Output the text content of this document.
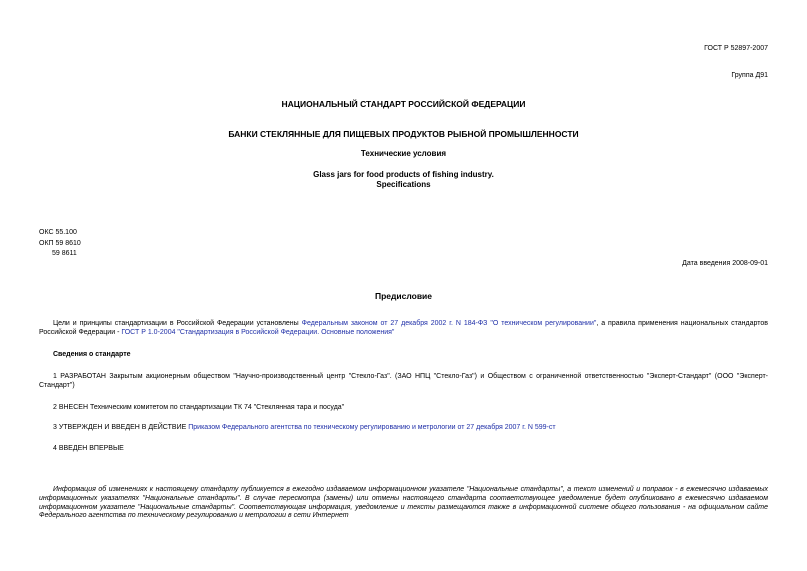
ГОСТ Р 52897-2007
Группа Д91
НАЦИОНАЛЬНЫЙ СТАНДАРТ РОССИЙСКОЙ ФЕДЕРАЦИИ
БАНКИ СТЕКЛЯННЫЕ ДЛЯ ПИЩЕВЫХ ПРОДУКТОВ РЫБНОЙ ПРОМЫШЛЕННОСТИ
Технические условия
Glass jars for food products of fishing industry.
Specifications
ОКС 55.100
ОКП 59 8610
59 8611
Дата введения 2008-09-01
Предисловие
Цели и принципы стандартизации в Российской Федерации установлены Федеральным законом от 27 декабря 2002 г. N 184-ФЗ "О техническом регулировании", а правила применения национальных стандартов Российской Федерации - ГОСТ Р 1.0-2004 "Стандартизация в Российской Федерации. Основные положения"
Сведения о стандарте
1 РАЗРАБОТАН Закрытым акционерным обществом "Научно-производственный центр "Стекло-Газ". (ЗАО НПЦ "Стекло-Газ") и Обществом с ограниченной ответственностью "Эксперт-Стандарт" (ООО "Эксперт-Стандарт")
2 ВНЕСЕН Техническим комитетом по стандартизации ТК 74 "Стеклянная тара и посуда"
3 УТВЕРЖДЕН И ВВЕДЕН В ДЕЙСТВИЕ Приказом Федерального агентства по техническому регулированию и метрологии от 27 декабря 2007 г. N 599-ст
4 ВВЕДЕН ВПЕРВЫЕ
Информация об изменениях к настоящему стандарту публикуется в ежегодно издаваемом информационном указателе "Национальные стандарты", а текст изменений и поправок - в ежемесячно издаваемых информационных указателях "Национальные стандарты". В случае пересмотра (замены) или отмены настоящего стандарта соответствующее уведомление будет опубликовано в ежемесячно издаваемом информационном указателе "Национальные стандарты". Соответствующая информация, уведомление и тексты размещаются также в информационной системе общего пользования - на официальном сайте Федерального агентства по техническому регулированию и метрологии в сети Интернет
